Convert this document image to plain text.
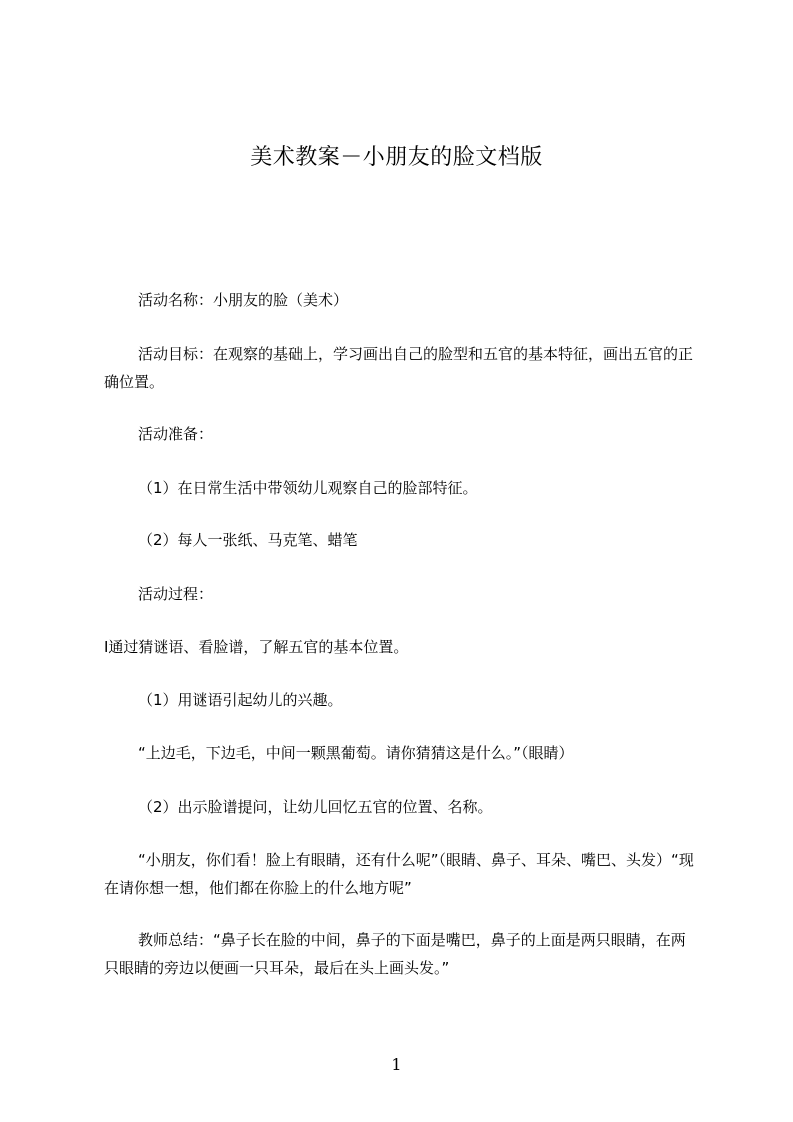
美术教案－小朋友的脸文档版

活动名称：小朋友的脸（美术）

活动目标：在观察的基础上，学习画出自己的脸型和五官的基本特征，画出五官的正确位置。

活动准备：

（1）在日常生活中带领幼儿观察自己的脸部特征。

（2）每人一张纸、马克笔、蜡笔

活动过程：

Ⅰ通过猜谜语、看脸谱，了解五官的基本位置。

（1）用谜语引起幼儿的兴趣。

“上边毛，下边毛，中间一颗黑葡萄。请你猜猜这是什么。”（眼睛）

（2）出示脸谱提问，让幼儿回忆五官的位置、名称。

“小朋友，你们看！脸上有眼睛，还有什么呢”（眼睛、鼻子、耳朵、嘴巴、头发）“现在请你想一想，他们都在你脸上的什么地方呢”

教师总结：“鼻子长在脸的中间，鼻子的下面是嘴巴，鼻子的上面是两只眼睛，在两只眼睛的旁边以便画一只耳朵，最后在头上画头发。”

1
